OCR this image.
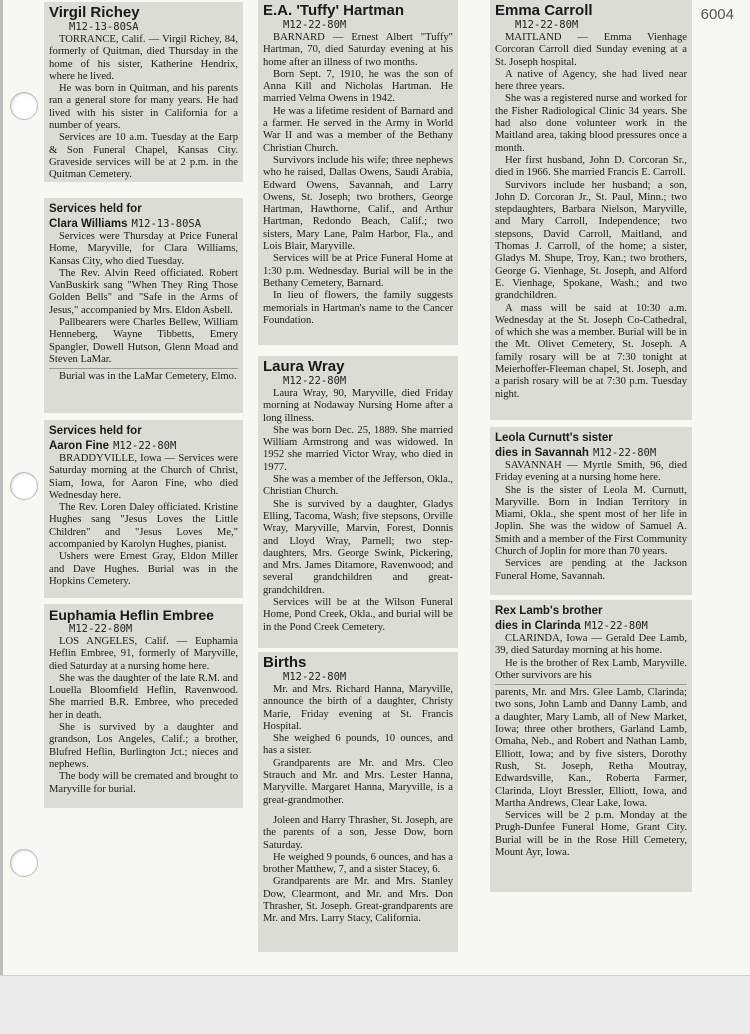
6004
Virgil Richey
M12-13-80SA

TORRANCE, Calif. — Virgil Richey, 84, formerly of Quitman, died Thursday in the home of his sister, Katherine Hendrix, where he lived.

He was born in Quitman, and his parents ran a general store for many years. He had lived with his sister in California for a number of years.

Services are 10 a.m. Tuesday at the Earp & Son Funeral Chapel, Kansas City. Graveside services will be at 2 p.m. in the Quitman Cemetery.

Services held for
Clara Williams M12-13-80SA

Services were Thursday at Price Funeral Home, Maryville, for Clara Williams, Kansas City, who died Tuesday.

The Rev. Alvin Reed officiated. Robert VanBuskirk sang "When They Ring Those Golden Bells" and "Safe in the Arms of Jesus," accompanied by Mrs. Eldon Asbell.

Pallbearers were Charles Bellew, William Henneberg, Wayne Tibbetts, Emery Spangler, Dowell Hutson, Glenn Moad and Steven LaMar.

Burial was in the LaMar Cemetery, Elmo.

Services held for
Aaron Fine M12-22-80M

BRADDYVILLE, Iowa — Services were Saturday morning at the Church of Christ, Siam, Iowa, for Aaron Fine, who died Wednesday here.

The Rev. Loren Daley officiated. Kristine Hughes sang "Jesus Loves the Little Children" and "Jesus Loves Me," accompanied by Karolyn Hughes, pianist.

Ushers were Ernest Gray, Eldon Miller and Dave Hughes. Burial was in the Hopkins Cemetery.

Euphamia Heflin Embree
M12-22-80M

LOS ANGELES, Calif. — Euphamia Heflin Embree, 91, formerly of Maryville, died Saturday at a nursing home here.

She was the daughter of the late R.M. and Louella Bloomfield Heflin, Ravenwood. She married B.R. Embree, who preceded her in death.

She is survived by a daughter and grandson, Los Angeles, Calif.; a brother, Blufred Heflin, Burlington Jct.; nieces and nephews.

The body will be cremated and brought to Maryville for burial.

E.A. 'Tuffy' Hartman
M12-22-80M

BARNARD — Ernest Albert "Tuffy" Hartman, 70, died Saturday evening at his home after an illness of two months.

Born Sept. 7, 1910, he was the son of Anna Kill and Nicholas Hartman. He married Velma Owens in 1942.

He was a lifetime resident of Barnard and a farmer. He served in the Army in World War II and was a member of the Bethany Christian Church.

Survivors include his wife; three nephews who he raised, Dallas Owens, Saudi Arabia, Edward Owens, Savannah, and Larry Owens, St. Joseph; two brothers, George Hartman, Hawthorne, Calif., and Arthur Hartman, Redondo Beach, Calif.; two sisters, Mary Lane, Palm Harbor, Fla., and Lois Blair, Maryville.

Services will be at Price Funeral Home at 1:30 p.m. Wednesday. Burial will be in the Bethany Cemetery, Barnard.

In lieu of flowers, the family suggests memorials in Hartman's name to the Cancer Foundation.

Laura Wray
M12-22-80M

Laura Wray, 90, Maryville, died Friday morning at Nodaway Nursing Home after a long illness.

She was born Dec. 25, 1889. She married William Armstrong and was widowed. In 1952 she married Victor Wray, who died in 1977.

She was a member of the Jefferson, Okla., Christian Church.

She is survived by a daughter, Gladys Elling, Tacoma, Wash; five stepsons, Orville Wray, Maryville, Marvin, Forest, Donnis and Lloyd Wray, Parnell; two step-daughters, Mrs. George Swink, Pickering, and Mrs. James Ditamore, Ravenwood; and several grandchildren and great-grandchildren.

Services will be at the Wilson Funeral Home, Pond Creek, Okla., and burial will be in the Pond Creek Cemetery.

Births
M12-22-80M

Mr. and Mrs. Richard Hanna, Maryville, announce the birth of a daughter, Christy Marie, Friday evening at St. Francis Hospital.

She weighed 6 pounds, 10 ounces, and has a sister.

Grandparents are Mr. and Mrs. Cleo Strauch and Mr. and Mrs. Lester Hanna, Maryville. Margaret Hanna, Maryville, is a great-grandmother.

Joleen and Harry Thrasher, St. Joseph, are the parents of a son, Jesse Dow, born Saturday.

He weighed 9 pounds, 6 ounces, and has a brother Matthew, 7, and a sister Stacey, 6.

Grandparents are Mr. and Mrs. Stanley Dow, Clearmont, and Mr. and Mrs. Don Thrasher, St. Joseph. Great-grandparents are Mr. and Mrs. Larry Stacy, California.

Emma Carroll
M12-22-80M

MAITLAND — Emma Vienhage Corcoran Carroll died Sunday evening at a St. Joseph hospital.

A native of Agency, she had lived near here three years.

She was a registered nurse and worked for the Fisher Radiological Clinic 34 years. She had also done volunteer work in the Maitland area, taking blood pressures once a month.

Her first husband, John D. Corcoran Sr., died in 1966. She married Francis E. Carroll.

Survivors include her husband; a son, John D. Corcoran Jr., St. Paul, Minn.; two stepdaughters, Barbara Nielson, Maryville, and Mary Carroll, Independence; two stepsons, David Carroll, Maitland, and Thomas J. Carroll, of the home; a sister, Gladys M. Shupe, Troy, Kan.; two brothers, George G. Vienhage, St. Joseph, and Alford E. Vienhage, Spokane, Wash.; and two grandchildren.

A mass will be said at 10:30 a.m. Wednesday at the St. Joseph Co-Cathedral, of which she was a member. Burial will be in the Mt. Olivet Cemetery, St. Joseph. A family rosary will be at 7:30 tonight at Meierhoffer-Fleeman chapel, St. Joseph, and a parish rosary will be at 7:30 p.m. Tuesday night.

Leola Curnutt's sister
dies in Savannah M12-22-80M

SAVANNAH — Myrtle Smith, 96, died Friday evening at a nursing home here.

She is the sister of Leola M. Curnutt, Maryville. Born in Indian Territory in Miami, Okla., she spent most of her life in Joplin. She was the widow of Samuel A. Smith and a member of the First Community Church of Joplin for more than 70 years.

Services are pending at the Jackson Funeral Home, Savannah.

Rex Lamb's brother
dies in Clarinda M12-22-80M

CLARINDA, Iowa — Gerald Dee Lamb, 39, died Saturday morning at his home.

He is the brother of Rex Lamb, Maryville. Other survivors are his

parents, Mr. and Mrs. Glee Lamb, Clarinda; two sons, John Lamb and Danny Lamb, and a daughter, Mary Lamb, all of New Market, Iowa; three other brothers, Garland Lamb, Omaha, Neb., and Robert and Nathan Lamb, Elliott, Iowa; and by five sisters, Dorothy Rush, St. Joseph, Retha Moutray, Edwardsville, Kan., Roberta Farmer, Clarinda, Lloyt Bressler, Elliott, Iowa, and Martha Andrews, Clear Lake, Iowa.

Services will be 2 p.m. Monday at the Prugh-Dunfee Funeral Home, Grant City. Burial will be in the Rose Hill Cemetery, Mount Ayr, Iowa.
